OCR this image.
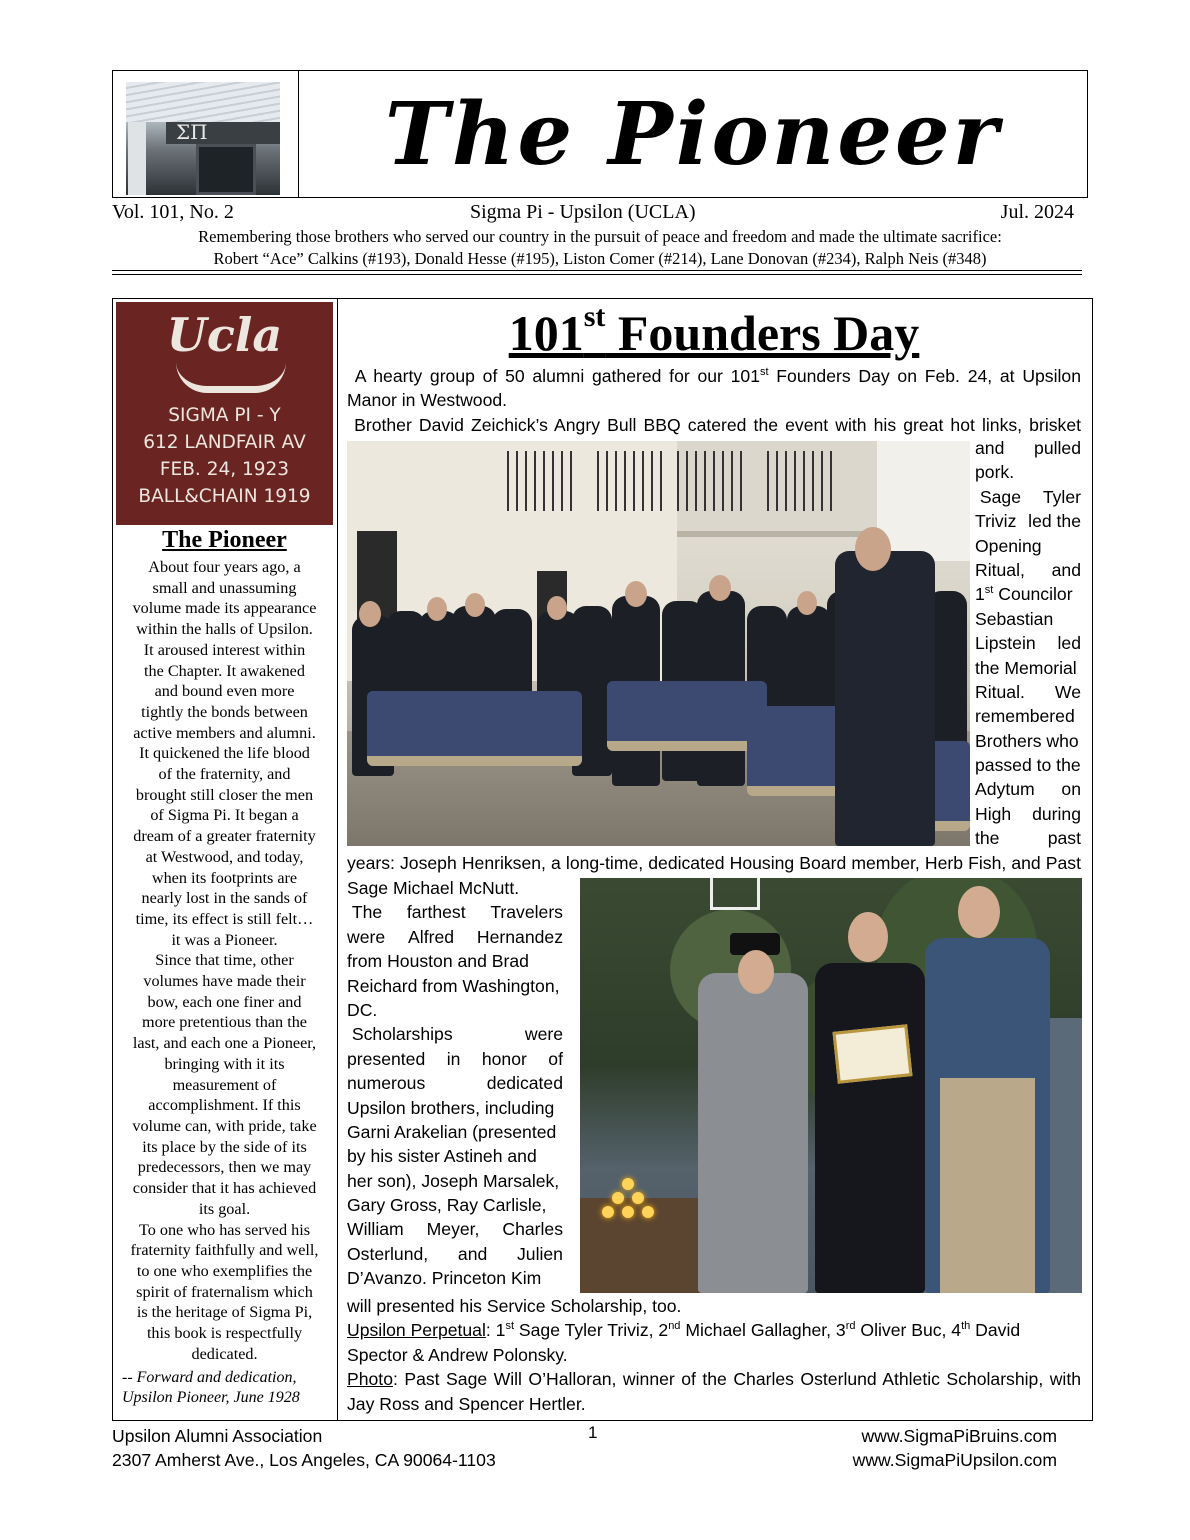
ΣΠ	The Pioneer
Vol. 101, No. 2	Sigma Pi - Upsilon (UCLA)	Jul. 2024
Remembering those brothers who served our country in the pursuit of peace and freedom and made the ultimate sacrifice:
Robert “Ace” Calkins (#193), Donald Hesse (#195), Liston Comer (#214), Lane Donovan (#234), Ralph Neis (#348)
Ucla
SIGMA PI - Y
612 LANDFAIR AV
FEB. 24, 1923
BALL&CHAIN 1919
The Pioneer

About four years ago, a

small and unassuming

volume made its appearance

within the halls of Upsilon.

It aroused interest within

the Chapter. It awakened

and bound even more

tightly the bonds between

active members and alumni.

It quickened the life blood

of the fraternity, and

brought still closer the men

of Sigma Pi. It began a

dream of a greater fraternity

at Westwood, and today,

when its footprints are

nearly lost in the sands of

time, its effect is still felt…

it was a Pioneer.

Since that time, other

volumes have made their

bow, each one finer and

more pretentious than the

last, and each one a Pioneer,

bringing with it its

measurement of

accomplishment. If this

volume can, with pride, take

its place by the side of its

predecessors, then we may

consider that it has achieved

its goal.

To one who has served his

fraternity faithfully and well,

to one who exemplifies the

spirit of fraternalism which

is the heritage of Sigma Pi,

this book is respectfully

dedicated.

-- Forward and dedication,
Upsilon Pioneer, June 1928
101st Founders Day
A hearty group of 50 alumni gathered for our 101st Founders Day on Feb. 24, at Upsilon
Manor in Westwood.
Brother David Zeichick’s Angry Bull BBQ catered the event with his great hot links, brisket
and pulled
pork.
Sage Tyler
Triviz led the
Opening
Ritual, and
1st Councilor
Sebastian
Lipstein led
the Memorial
Ritual. We
remembered
Brothers who
passed to the
Adytum on
High during
the	past
years: Joseph Henriksen, a long-time, dedicated Housing Board member, Herb Fish, and Past
Sage Michael McNutt.
The farthest Travelers
were Alfred Hernandez
from Houston and Brad
Reichard from Washington,
DC.
Scholarships	were
presented in honor of
numerous	dedicated
Upsilon brothers, including
Garni Arakelian (presented
by his sister Astineh and
her son), Joseph Marsalek,
Gary Gross, Ray Carlisle,
William Meyer, Charles
Osterlund, and Julien
D’Avanzo. Princeton Kim
will presented his Service Scholarship, too.
Upsilon Perpetual: 1st Sage Tyler Triviz, 2nd Michael Gallagher, 3rd Oliver Buc, 4th David
Spector & Andrew Polonsky.
Photo: Past Sage Will O’Halloran, winner of the Charles Osterlund Athletic Scholarship, with
Jay Ross and Spencer Hertler.
Upsilon Alumni Association
2307 Amherst Ave., Los Angeles, CA 90064-1103
1	www.SigmaPiBruins.com
www.SigmaPiUpsilon.com
